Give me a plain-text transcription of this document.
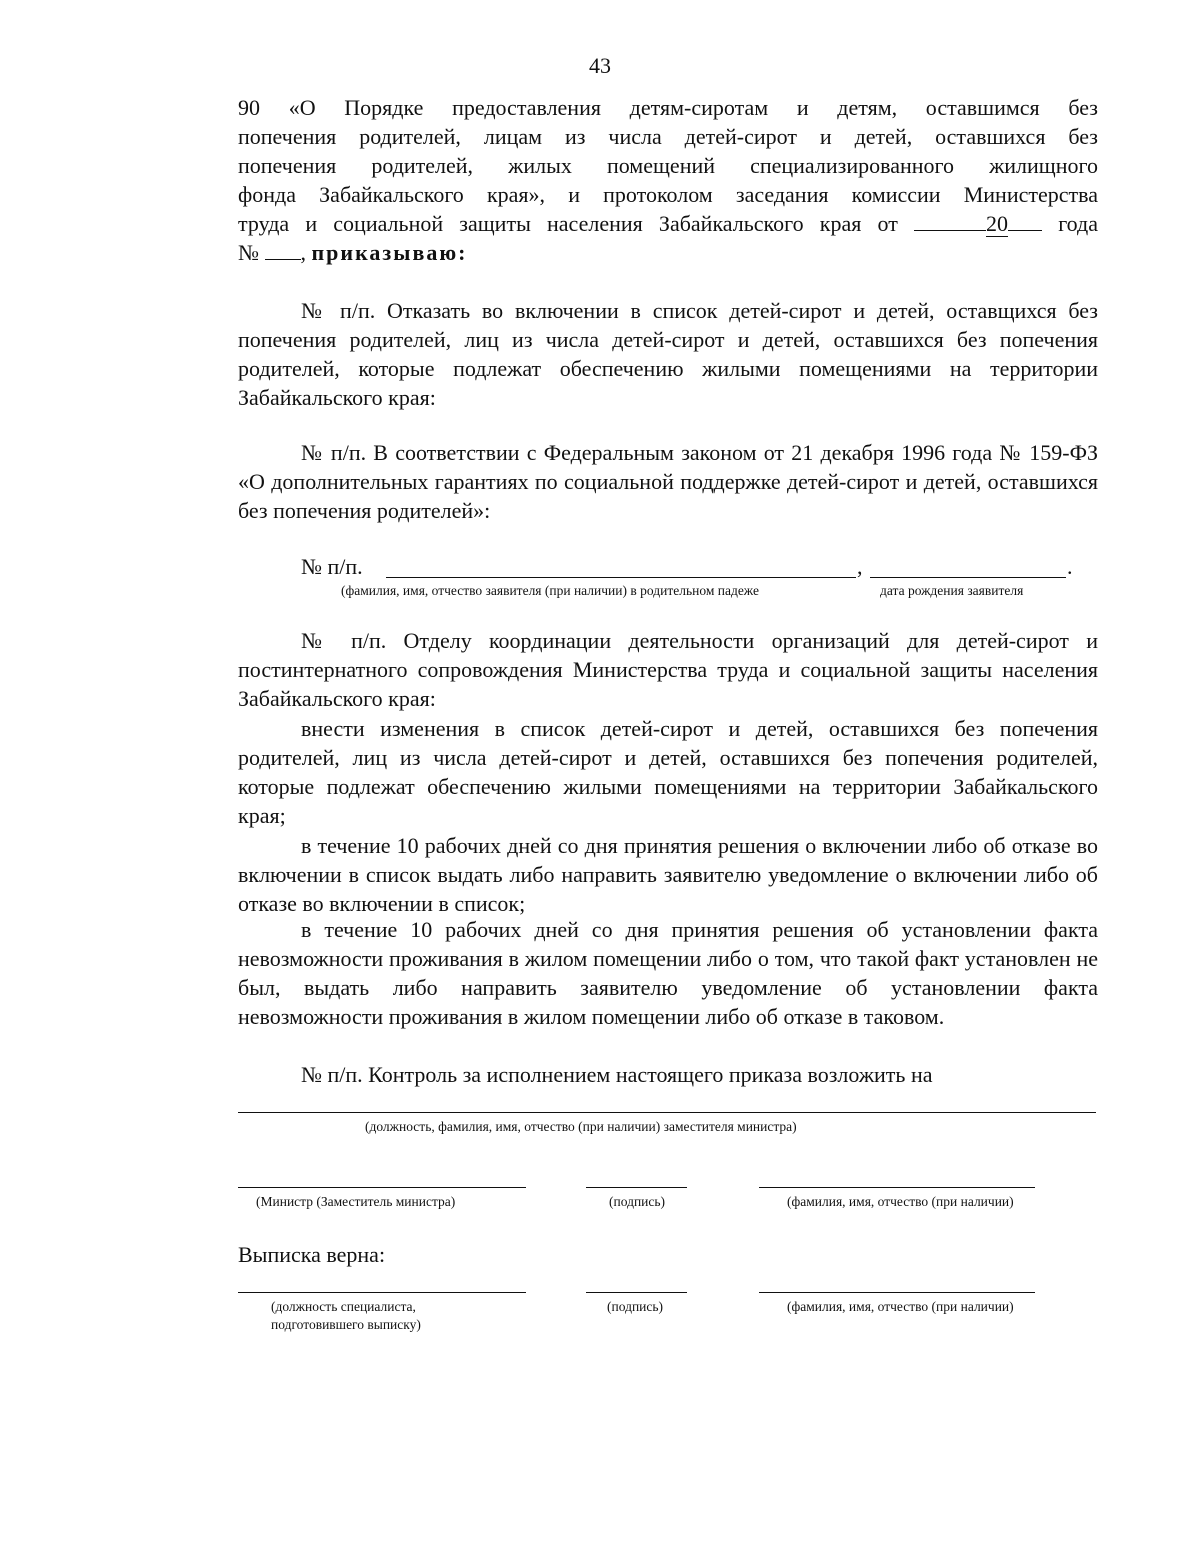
43

90 «О Порядке предоставления детям-сиротам и детям, оставшимся без

попечения родителей, лицам из числа детей-сирот и детей, оставшихся без

попечения родителей, жилых помещений специализированного жилищного

фонда Забайкальского края», и протоколом заседания комиссии Министерства

труда и социальной защиты населения Забайкальского края от	20 года

№ , приказываю:

№ п/п. Отказать во включении в список детей-сирот и детей, оставщихся без попечения родителей, лиц из числа детей-сирот и детей, оставшихся без попечения родителей, которые подлежат обеспечению жилыми помещениями на территории Забайкальского края:
№ п/п. В соответствии с Федеральным законом от 21 декабря 1996 года № 159-ФЗ «О дополнительных гарантиях по социальной поддержке детей-сирот и детей, оставшихся без попечения родителей»:
№ п/п.	,	.
(фамилия, имя, отчество заявителя (при наличии) в родительном падеже	дата рождения заявителя
№ п/п. Отделу координации деятельности организаций для детей-сирот и постинтернатного сопровождения Министерства труда и социальной защиты населения Забайкальского края:
внести изменения в список детей-сирот и детей, оставшихся без попечения родителей, лиц из числа детей-сирот и детей, оставшихся без попечения родителей, которые подлежат обеспечению жилыми помещениями на территории Забайкальского края;
в течение 10 рабочих дней со дня принятия решения о включении либо об отказе во включении в список выдать либо направить заявителю уведомление о включении либо об отказе во включении в список;
в течение 10 рабочих дней со дня принятия решения об установлении факта невозможности проживания в жилом помещении либо о том, что такой факт установлен не был, выдать либо направить заявителю уведомление об установлении факта невозможности проживания в жилом помещении либо об отказе в таковом.
№ п/п. Контроль за исполнением настоящего приказа возложить на
(должность, фамилия, имя, отчество (при наличии) заместителя министра)
(Министр (Заместитель министра)	(подпись)	(фамилия, имя, отчество (при наличии)
Выписка верна:
(должность специалиста,
подготовившего выписку)
(подпись)	(фамилия, имя, отчество (при наличии)
